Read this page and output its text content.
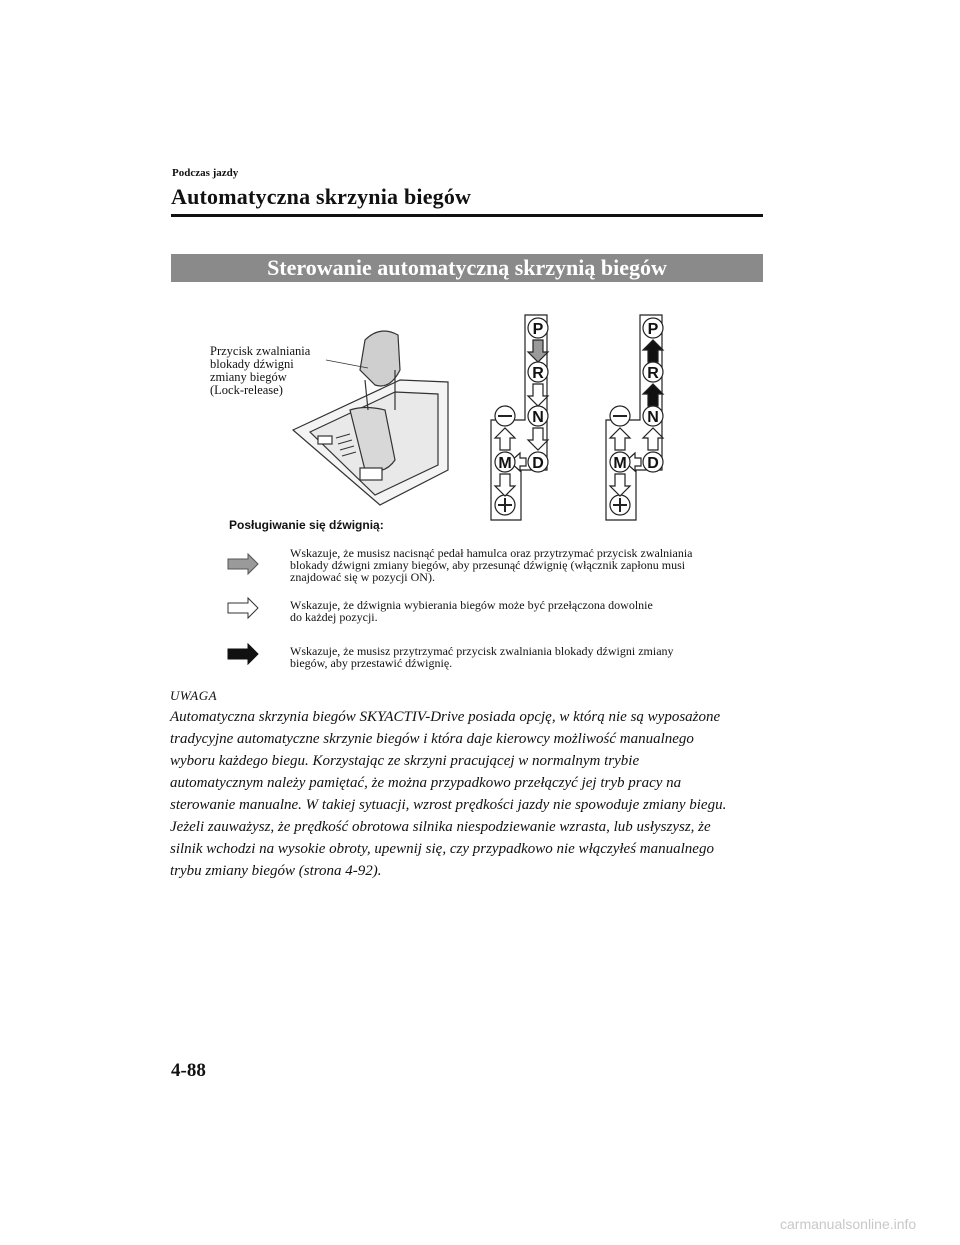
Podczas jazdy
Automatyczna skrzynia biegów
Sterowanie automatyczną skrzynią biegów
P
R
N
D
M
P
R
N
D
M
Przycisk zwalniania
blokady dźwigni
zmiany biegów
(Lock-release)
Posługiwanie się dźwignią:
Wskazuje, że musisz nacisnąć pedał hamulca oraz przytrzymać przycisk zwalniania
blokady dźwigni zmiany biegów, aby przesunąć dźwignię (włącznik zapłonu musi
znajdować się w pozycji ON).
Wskazuje, że dźwignia wybierania biegów może być przełączona dowolnie
do każdej pozycji.
Wskazuje, że musisz przytrzymać przycisk zwalniania blokady dźwigni zmiany
biegów, aby przestawić dźwignię.
UWAGA
Automatyczna skrzynia biegów SKYACTIV-Drive posiada opcję, w którą nie są wyposażone
tradycyjne automatyczne skrzynie biegów i która daje kierowcy możliwość manualnego
wyboru każdego biegu. Korzystając ze skrzyni pracującej w normalnym trybie
automatycznym należy pamiętać, że można przypadkowo przełączyć jej tryb pracy na
sterowanie manualne. W takiej sytuacji, wzrost prędkości jazdy nie spowoduje zmiany biegu.
Jeżeli zauważysz, że prędkość obrotowa silnika niespodziewanie wzrasta, lub usłyszysz, że
silnik wchodzi na wysokie obroty, upewnij się, czy przypadkowo nie włączyłeś manualnego
trybu zmiany biegów (strona 4-92).
4-88
carmanualsonline.info
